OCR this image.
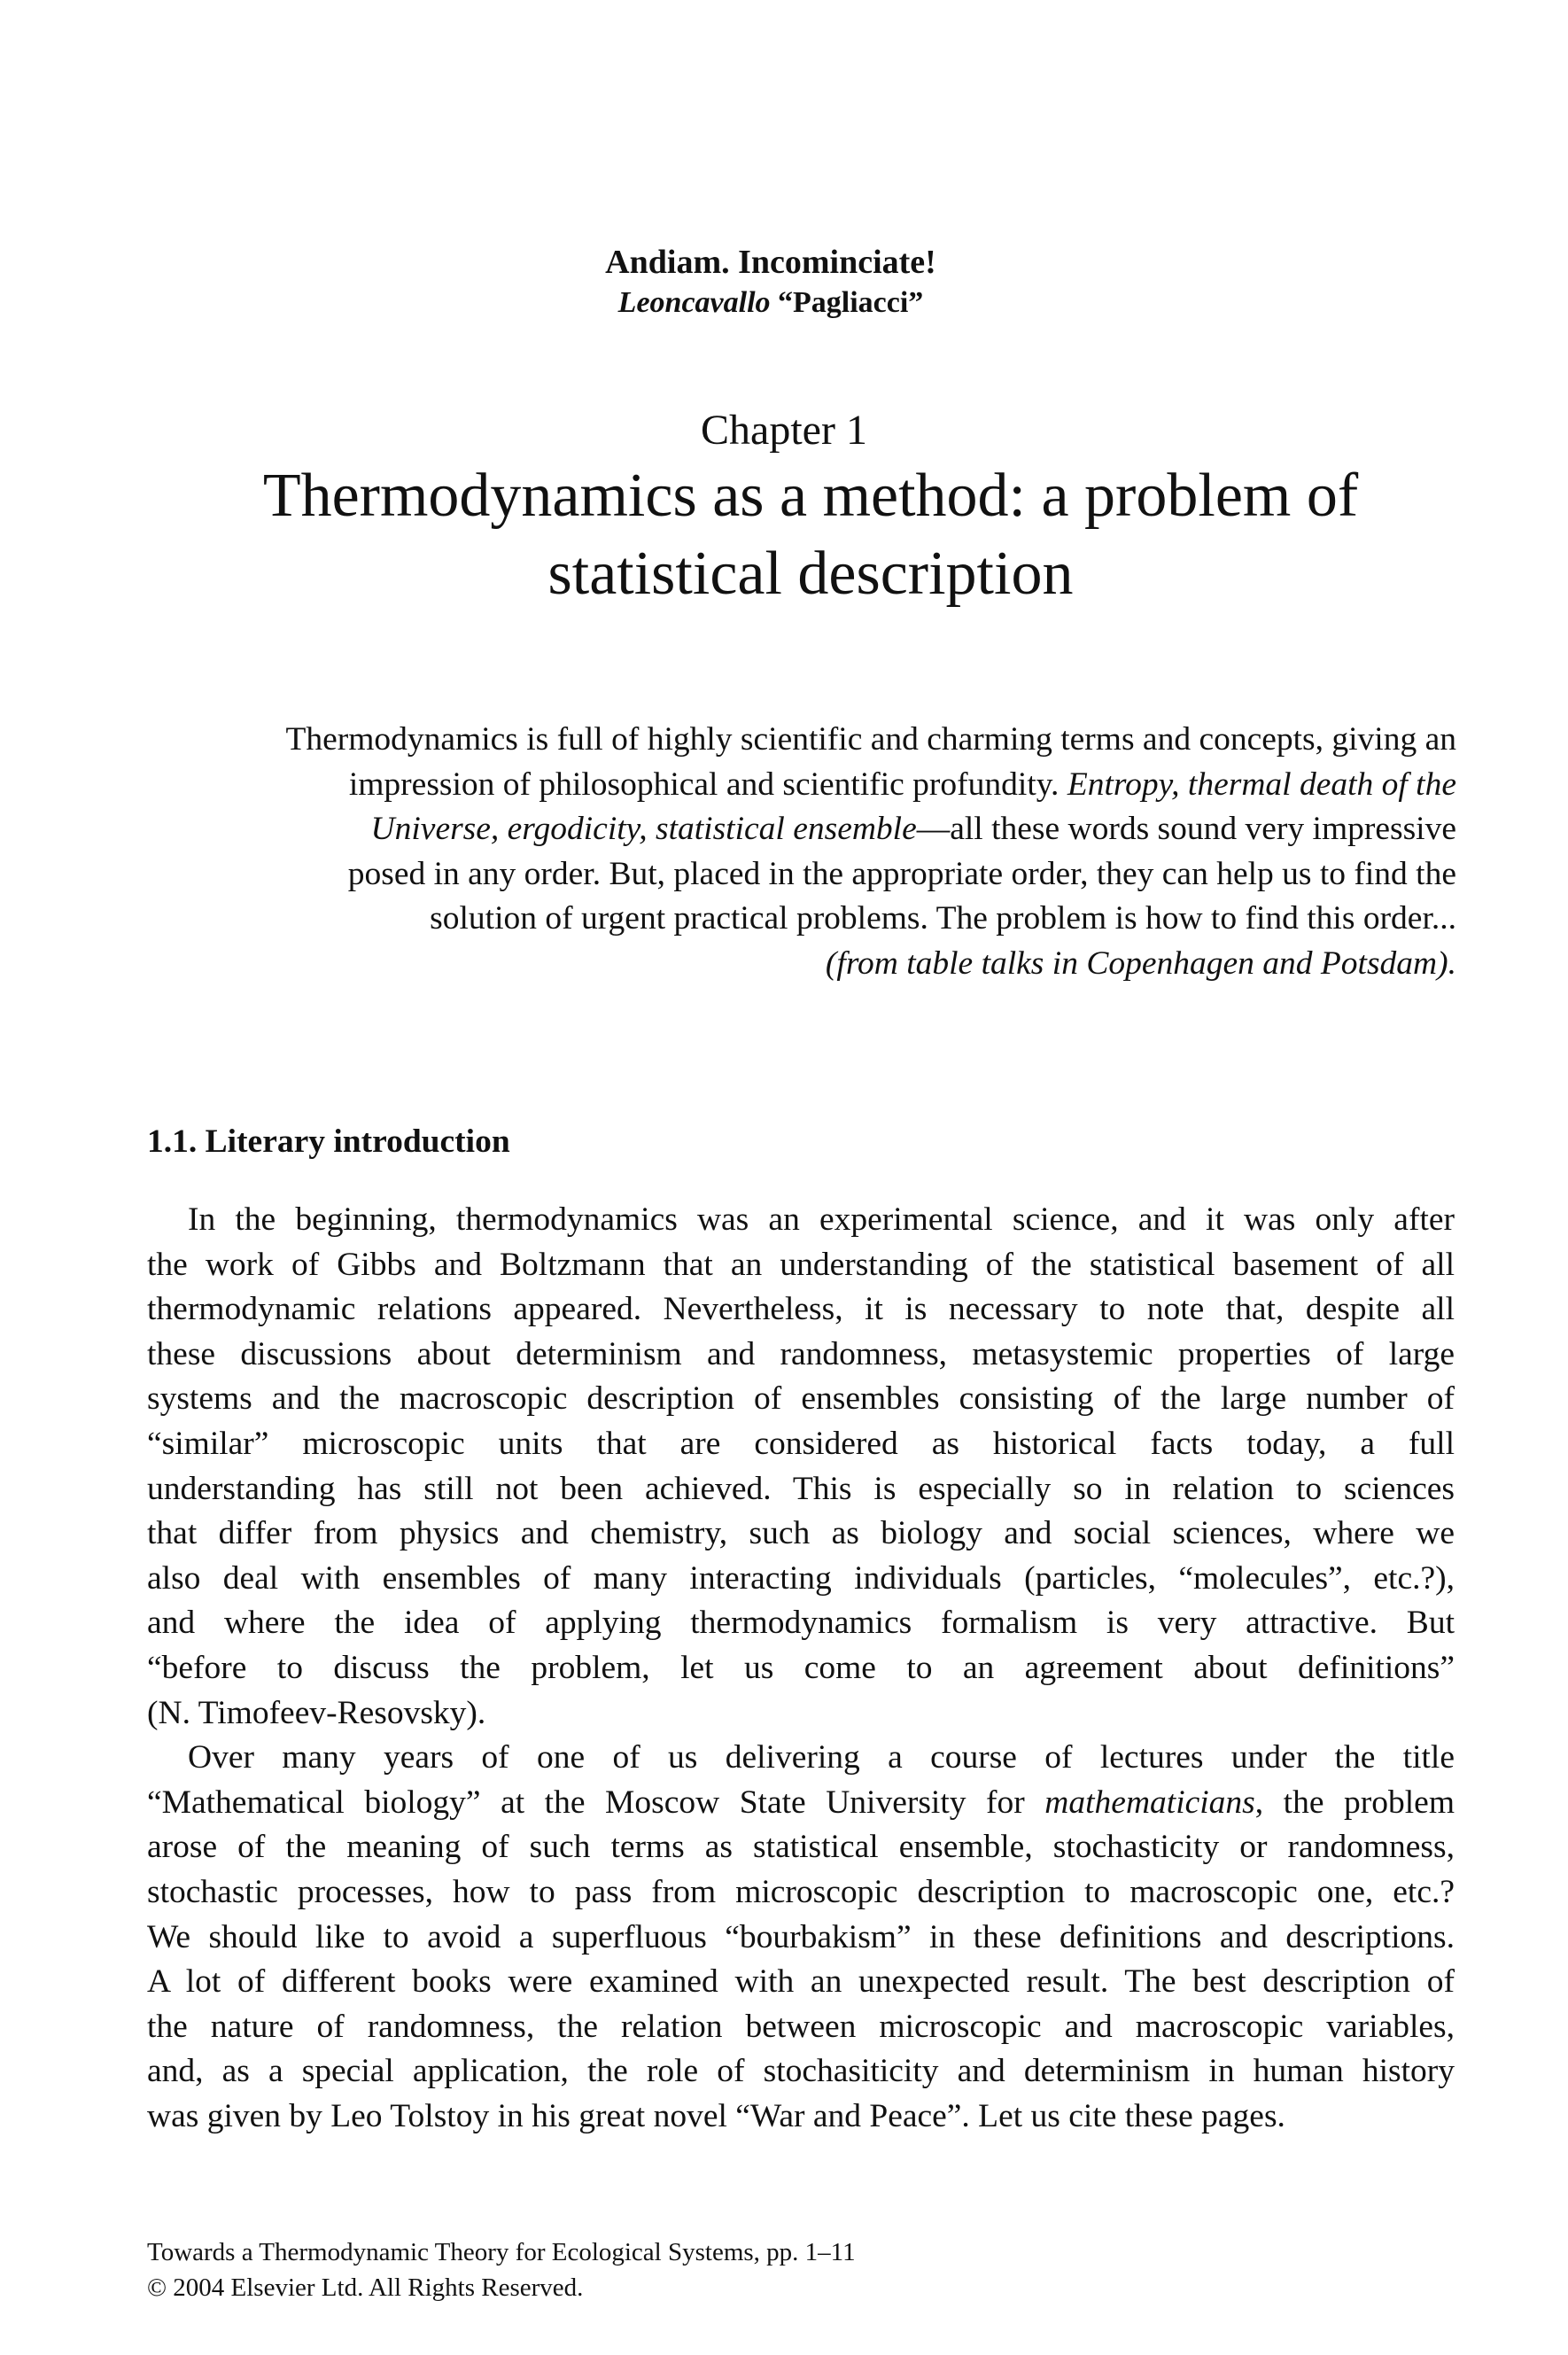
Andiam. Incominciate!
Leoncavallo “Pagliacci”
Chapter 1
Thermodynamics as a method: a problem of
statistical description
Thermodynamics is full of highly scientific and charming terms and concepts, giving an
impression of philosophical and scientific profundity. Entropy, thermal death of the
Universe, ergodicity, statistical ensemble—all these words sound very impressive
posed in any order. But, placed in the appropriate order, they can help us to find the
solution of urgent practical problems. The problem is how to find this order...
(from table talks in Copenhagen and Potsdam).
1.1. Literary introduction
In the beginning, thermodynamics was an experimental science, and it was only after
the work of Gibbs and Boltzmann that an understanding of the statistical basement of all
thermodynamic relations appeared. Nevertheless, it is necessary to note that, despite all
these discussions about determinism and randomness, metasystemic properties of large
systems and the macroscopic description of ensembles consisting of the large number of
“similar” microscopic units that are considered as historical facts today, a full
understanding has still not been achieved. This is especially so in relation to sciences
that differ from physics and chemistry, such as biology and social sciences, where we
also deal with ensembles of many interacting individuals (particles, “molecules”, etc.?),
and where the idea of applying thermodynamics formalism is very attractive. But
“before to discuss the problem, let us come to an agreement about definitions”
(N. Timofeev-Resovsky).
Over many years of one of us delivering a course of lectures under the title
“Mathematical biology” at the Moscow State University for mathematicians, the problem
arose of the meaning of such terms as statistical ensemble, stochasticity or randomness,
stochastic processes, how to pass from microscopic description to macroscopic one, etc.?
We should like to avoid a superfluous “bourbakism” in these definitions and descriptions.
A lot of different books were examined with an unexpected result. The best description of
the nature of randomness, the relation between microscopic and macroscopic variables,
and, as a special application, the role of stochasiticity and determinism in human history
was given by Leo Tolstoy in his great novel “War and Peace”. Let us cite these pages.
Towards a Thermodynamic Theory for Ecological Systems, pp. 1–11
© 2004 Elsevier Ltd. All Rights Reserved.
